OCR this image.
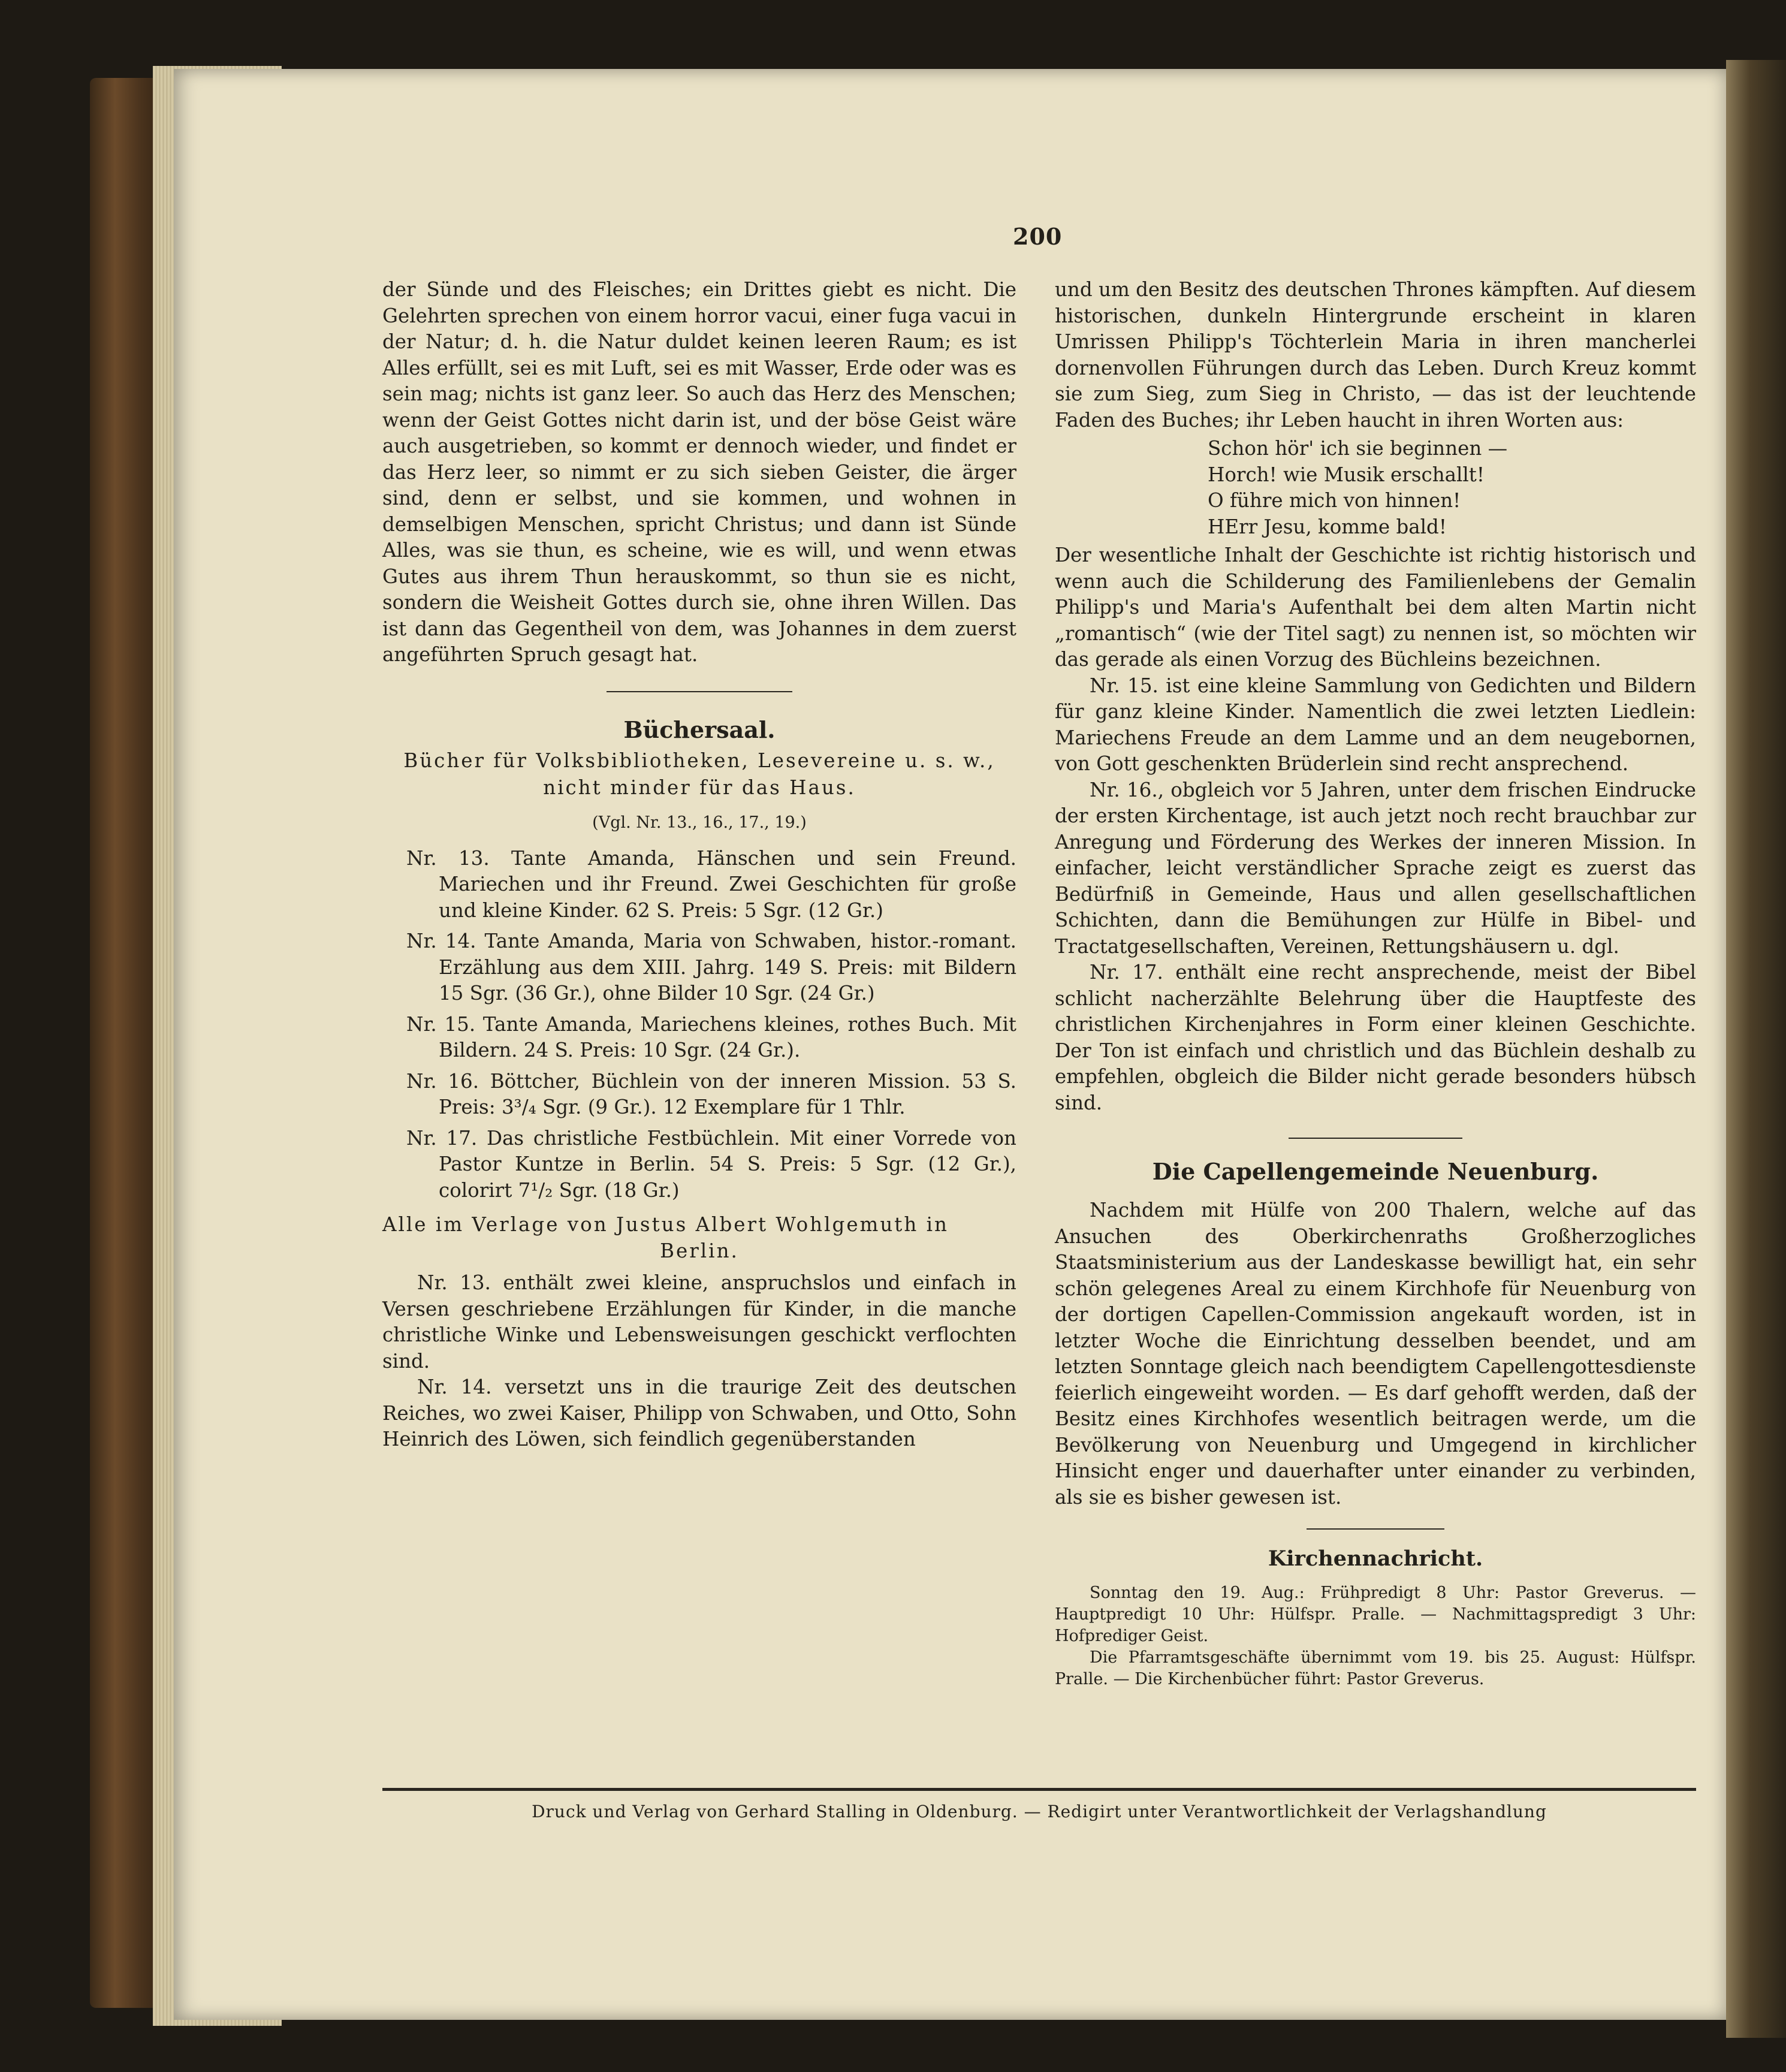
200

der Sünde und des Fleisches; ein Drittes giebt es nicht. Die Gelehrten sprechen von einem horror vacui, einer fuga vacui in der Natur; d. h. die Natur duldet keinen leeren Raum; es ist Alles erfüllt, sei es mit Luft, sei es mit Wasser, Erde oder was es sein mag; nichts ist ganz leer. So auch das Herz des Menschen; wenn der Geist Gottes nicht darin ist, und der böse Geist wäre auch ausgetrieben, so kommt er dennoch wieder, und findet er das Herz leer, so nimmt er zu sich sieben Geister, die ärger sind, denn er selbst, und sie kommen, und wohnen in demselbigen Menschen, spricht Christus; und dann ist Sünde Alles, was sie thun, es scheine, wie es will, und wenn etwas Gutes aus ihrem Thun herauskommt, so thun sie es nicht, sondern die Weisheit Gottes durch sie, ohne ihren Willen. Das ist dann das Gegentheil von dem, was Johannes in dem zuerst angeführten Spruch gesagt hat.

Büchersaal.
Bücher für Volksbibliotheken, Lesevereine u. s. w.,
nicht minder für das Haus.
(Vgl. Nr. 13., 16., 17., 19.)
Nr. 13. Tante Amanda, Hänschen und sein Freund. Mariechen und ihr Freund. Zwei Geschichten für große und kleine Kinder. 62 S. Preis: 5 Sgr. (12 Gr.)
Nr. 14. Tante Amanda, Maria von Schwaben, histor.-romant. Erzählung aus dem XIII. Jahrg. 149 S. Preis: mit Bildern 15 Sgr. (36 Gr.), ohne Bilder 10 Sgr. (24 Gr.)
Nr. 15. Tante Amanda, Mariechens kleines, rothes Buch. Mit Bildern. 24 S. Preis: 10 Sgr. (24 Gr.).
Nr. 16. Böttcher, Büchlein von der inneren Mission. 53 S. Preis: 3³/₄ Sgr. (9 Gr.). 12 Exemplare für 1 Thlr.
Nr. 17. Das christliche Festbüchlein. Mit einer Vorrede von Pastor Kuntze in Berlin. 54 S. Preis: 5 Sgr. (12 Gr.), colorirt 7¹/₂ Sgr. (18 Gr.)

Alle im Verlage von Justus Albert Wohlgemuth in

Berlin.

Nr. 13. enthält zwei kleine, anspruchslos und einfach in Versen geschriebene Erzählungen für Kinder, in die manche christliche Winke und Lebensweisungen geschickt verflochten sind.

Nr. 14. versetzt uns in die traurige Zeit des deutschen Reiches, wo zwei Kaiser, Philipp von Schwaben, und Otto, Sohn Heinrich des Löwen, sich feindlich gegenüberstanden

und um den Besitz des deutschen Thrones kämpften. Auf diesem historischen, dunkeln Hintergrunde erscheint in klaren Umrissen Philipp's Töchterlein Maria in ihren mancherlei dornenvollen Führungen durch das Leben. Durch Kreuz kommt sie zum Sieg, zum Sieg in Christo, — das ist der leuchtende Faden des Buches; ihr Leben haucht in ihren Worten aus:

Schon hör' ich sie beginnen —
Horch! wie Musik erschallt!
O führe mich von hinnen!
HErr Jesu, komme bald!

Der wesentliche Inhalt der Geschichte ist richtig historisch und wenn auch die Schilderung des Familienlebens der Gemalin Philipp's und Maria's Aufenthalt bei dem alten Martin nicht „romantisch“ (wie der Titel sagt) zu nennen ist, so möchten wir das gerade als einen Vorzug des Büchleins bezeichnen.

Nr. 15. ist eine kleine Sammlung von Gedichten und Bildern für ganz kleine Kinder. Namentlich die zwei letzten Liedlein: Mariechens Freude an dem Lamme und an dem neugebornen, von Gott geschenkten Brüderlein sind recht ansprechend.

Nr. 16., obgleich vor 5 Jahren, unter dem frischen Eindrucke der ersten Kirchentage, ist auch jetzt noch recht brauchbar zur Anregung und Förderung des Werkes der inneren Mission. In einfacher, leicht verständlicher Sprache zeigt es zuerst das Bedürfniß in Gemeinde, Haus und allen gesellschaftlichen Schichten, dann die Bemühungen zur Hülfe in Bibel- und Tractatgesellschaften, Vereinen, Rettungshäusern u. dgl.

Nr. 17. enthält eine recht ansprechende, meist der Bibel schlicht nacherzählte Belehrung über die Hauptfeste des christlichen Kirchenjahres in Form einer kleinen Geschichte. Der Ton ist einfach und christlich und das Büchlein deshalb zu empfehlen, obgleich die Bilder nicht gerade besonders hübsch sind.

Die Capellengemeinde Neuenburg.

Nachdem mit Hülfe von 200 Thalern, welche auf das Ansuchen des Oberkirchenraths Großherzogliches Staatsministerium aus der Landeskasse bewilligt hat, ein sehr schön gelegenes Areal zu einem Kirchhofe für Neuenburg von der dortigen Capellen-Commission angekauft worden, ist in letzter Woche die Einrichtung desselben beendet, und am letzten Sonntage gleich nach beendigtem Capellengottesdienste feierlich eingeweiht worden. — Es darf gehofft werden, daß der Besitz eines Kirchhofes wesentlich beitragen werde, um die Bevölkerung von Neuenburg und Umgegend in kirchlicher Hinsicht enger und dauerhafter unter einander zu verbinden, als sie es bisher gewesen ist.

Kirchennachricht.

Sonntag den 19. Aug.: Frühpredigt 8 Uhr: Pastor Greverus. — Hauptpredigt 10 Uhr: Hülfspr. Pralle. — Nachmittagspredigt 3 Uhr: Hofprediger Geist.

Die Pfarramtsgeschäfte übernimmt vom 19. bis 25. August: Hülfspr. Pralle. — Die Kirchenbücher führt: Pastor Greverus.

Druck und Verlag von Gerhard Stalling in Oldenburg. — Redigirt unter Verantwortlichkeit der Verlagshandlung
